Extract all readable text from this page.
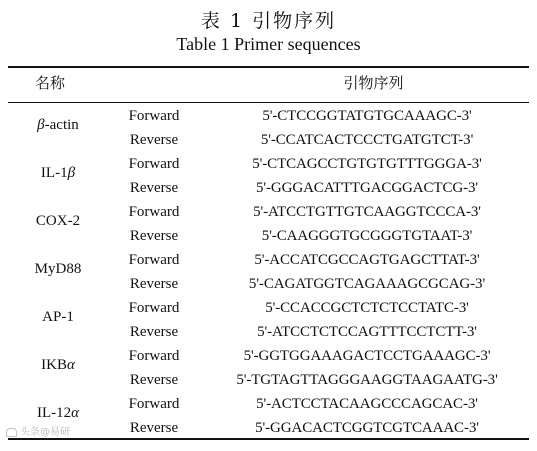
表 1 引物序列
Table 1 Primer sequences
名称	引物序列
β-actin
Forward	5'-CTCCGGTATGTGCAAAGC-3'
Reverse	5'-CCATCACTCCCTGATGTCT-3'
IL-1β
Forward	5'-CTCAGCCTGTGTGTTTGGGA-3'
Reverse	5'-GGGACATTTGACGGACTCG-3'
COX-2
Forward	5'-ATCCTGTTGTCAAGGTCCCA-3'
Reverse	5'-CAAGGGTGCGGGTGTAAT-3'
MyD88
Forward	5'-ACCATCGCCAGTGAGCTTAT-3'
Reverse	5'-CAGATGGTCAGAAAGCGCAG-3'
AP-1
Forward	5'-CCACCGCTCTCTCCTATC-3'
Reverse	5'-ATCCTCTCCAGTTTCCTCTT-3'
IKBα
Forward	5'-GGTGGAAAGACTCCTGAAAGC-3'
Reverse	5'-TGTAGTTAGGGAAGGTAAGAATG-3'
IL-12α
Forward	5'-ACTCCTACAAGCCCAGCAC-3'
Reverse	5'-GGACACTCGGTCGTCAAAC-3'
头条@易研
